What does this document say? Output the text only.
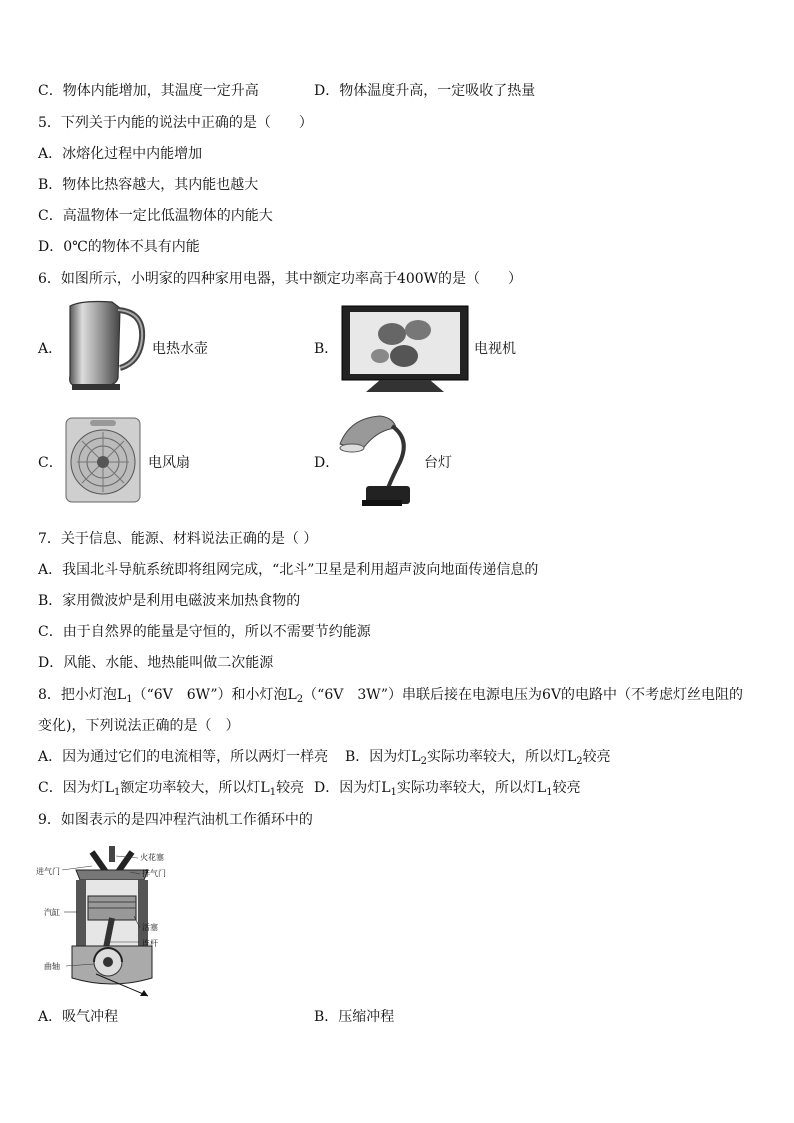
C．物体内能增加，其温度一定升高	D．物体温度升高，一定吸收了热量
5．下列关于内能的说法中正确的是（　　）
A．冰熔化过程中内能增加
B．物体比热容越大，其内能也越大
C．高温物体一定比低温物体的内能大
D．0℃的物体不具有内能
6．如图所示，小明家的四种家用电器，其中额定功率高于400W的是（　　）
A．	电热水壶	B．	电视机
C．	电风扇	D．	台灯
7．关于信息、能源、材料说法正确的是（ ）
A．我国北斗导航系统即将组网完成，“北斗”卫星是利用超声波向地面传递信息的
B．家用微波炉是利用电磁波来加热食物的
C．由于自然界的能量是守恒的，所以不需要节约能源
D．风能、水能、地热能叫做二次能源
8．把小灯泡$L_1(“6V$　6W”）和小灯泡$L_2(“6V$　3W”）串联后接在电源电压为6V的电路中（不考虑灯丝电阻的
变化)，下列说法正确的是（　）
A．因为通过它们的电流相等，所以两灯一样亮 B．因为灯$L_2$实际功率较大，所以灯$L_2$较亮
C．因为灯$L_1$额定功率较大，所以灯$L_1$较亮 D．因为灯$L_1$实际功率较大，所以灯$L_1$较亮
9．如图表示的是四冲程汽油机工作循环中的
进气门
火花塞
排气门
汽缸
活塞
连杆
曲轴
A．吸气冲程	B．压缩冲程
